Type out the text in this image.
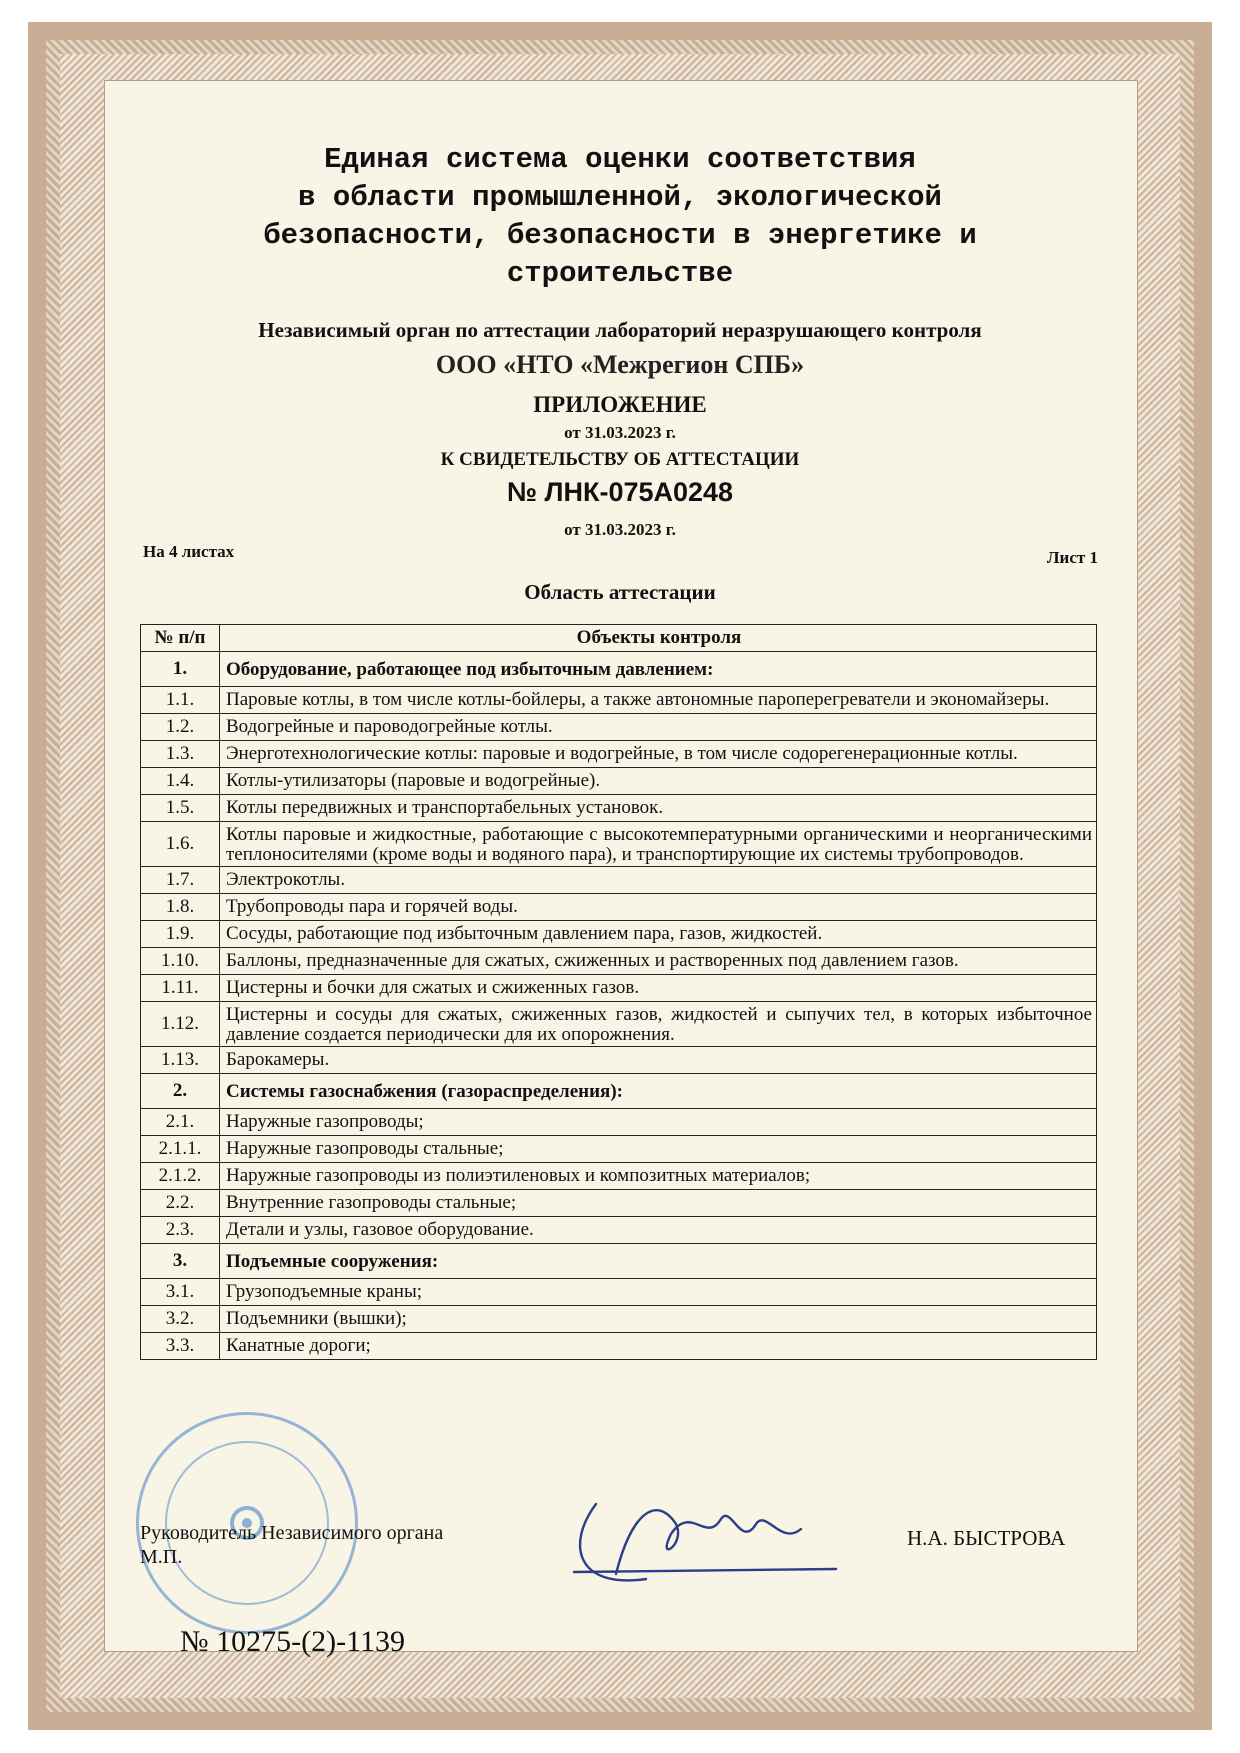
Единая система оценки соответствия
в области промышленной, экологической
безопасности, безопасности в энергетике и
строительстве
Независимый орган по аттестации лабораторий неразрушающего контроля
ООО «НТО «Межрегион СПБ»
ПРИЛОЖЕНИЕ
от 31.03.2023 г.
К СВИДЕТЕЛЬСТВУ ОБ АТТЕСТАЦИИ
№ ЛНК-075А0248
от 31.03.2023 г.
На 4 листах	Лист 1
Область аттестации
№ п/п	Объекты контроля
1.	Оборудование, работающее под избыточным давлением:
1.1.	Паровые котлы, в том числе котлы-бойлеры, а также автономные пароперегреватели и экономайзеры.
1.2.	Водогрейные и пароводогрейные котлы.
1.3.	Энерготехнологические котлы: паровые и водогрейные, в том числе содорегенерационные котлы.
1.4.	Котлы-утилизаторы (паровые и водогрейные).
1.5.	Котлы передвижных и транспортабельных установок.
1.6.	Котлы паровые и жидкостные, работающие с высокотемпературными органическими и неорганическими теплоносителями (кроме воды и водяного пара), и транспортирующие их системы трубопроводов.
1.7.	Электрокотлы.
1.8.	Трубопроводы пара и горячей воды.
1.9.	Сосуды, работающие под избыточным давлением пара, газов, жидкостей.
1.10.	Баллоны, предназначенные для сжатых, сжиженных и растворенных под давлением газов.
1.11.	Цистерны и бочки для сжатых и сжиженных газов.
1.12.	Цистерны и сосуды для сжатых, сжиженных газов, жидкостей и сыпучих тел, в которых избыточное давление создается периодически для их опорожнения.
1.13.	Барокамеры.
2.	Системы газоснабжения (газораспределения):
2.1.	Наружные газопроводы;
2.1.1.	Наружные газопроводы стальные;
2.1.2.	Наружные газопроводы из полиэтиленовых и композитных материалов;
2.2.	Внутренние газопроводы стальные;
2.3.	Детали и узлы, газовое оборудование.
3.	Подъемные сооружения:
3.1.	Грузоподъемные краны;
3.2.	Подъемники (вышки);
3.3.	Канатные дороги;
Руководитель Независимого органа
М.П.
Н.А. БЫСТРОВА
№ 10275-(2)-1139
